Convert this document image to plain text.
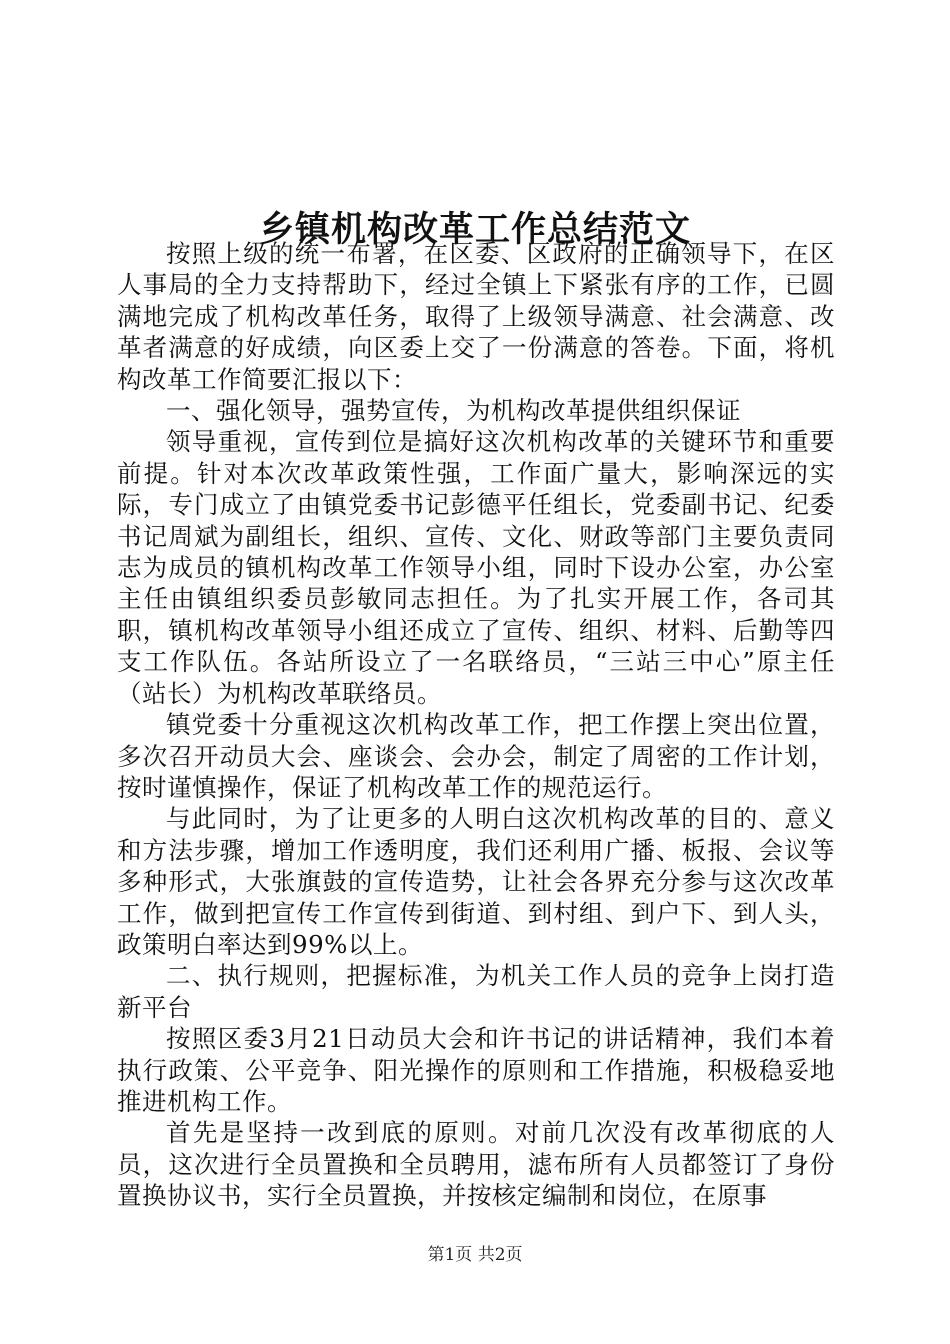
乡镇机构改革工作总结范文

按照上级的统一布署，在区委、区政府的正确领导下，在区人事局的全力支持帮助下，经过全镇上下紧张有序的工作，已圆满地完成了机构改革任务，取得了上级领导满意、社会满意、改革者满意的好成绩，向区委上交了一份满意的答卷。下面，将机构改革工作简要汇报以下：

一、强化领导，强势宣传，为机构改革提供组织保证

领导重视，宣传到位是搞好这次机构改革的关键环节和重要前提。针对本次改革政策性强，工作面广量大，影响深远的实际，专门成立了由镇党委书记彭德平任组长，党委副书记、纪委书记周斌为副组长，组织、宣传、文化、财政等部门主要负责同志为成员的镇机构改革工作领导小组，同时下设办公室，办公室主任由镇组织委员彭敏同志担任。为了扎实开展工作，各司其职，镇机构改革领导小组还成立了宣传、组织、材料、后勤等四支工作队伍。各站所设立了一名联络员，“三站三中心”原主任（站长）为机构改革联络员。

镇党委十分重视这次机构改革工作，把工作摆上突出位置，多次召开动员大会、座谈会、会办会，制定了周密的工作计划，按时谨慎操作，保证了机构改革工作的规范运行。

与此同时，为了让更多的人明白这次机构改革的目的、意义和方法步骤，增加工作透明度，我们还利用广播、板报、会议等多种形式，大张旗鼓的宣传造势，让社会各界充分参与这次改革工作，做到把宣传工作宣传到街道、到村组、到户下、到人头，政策明白率达到99%以上。

二、执行规则，把握标准，为机关工作人员的竞争上岗打造新平台

按照区委3月21日动员大会和许书记的讲话精神，我们本着执行政策、公平竞争、阳光操作的原则和工作措施，积极稳妥地推进机构工作。

首先是坚持一改到底的原则。对前几次没有改革彻底的人员，这次进行全员置换和全员聘用，滤布所有人员都签订了身份置换协议书，实行全员置换，并按核定编制和岗位，在原事

第1页 共2页
